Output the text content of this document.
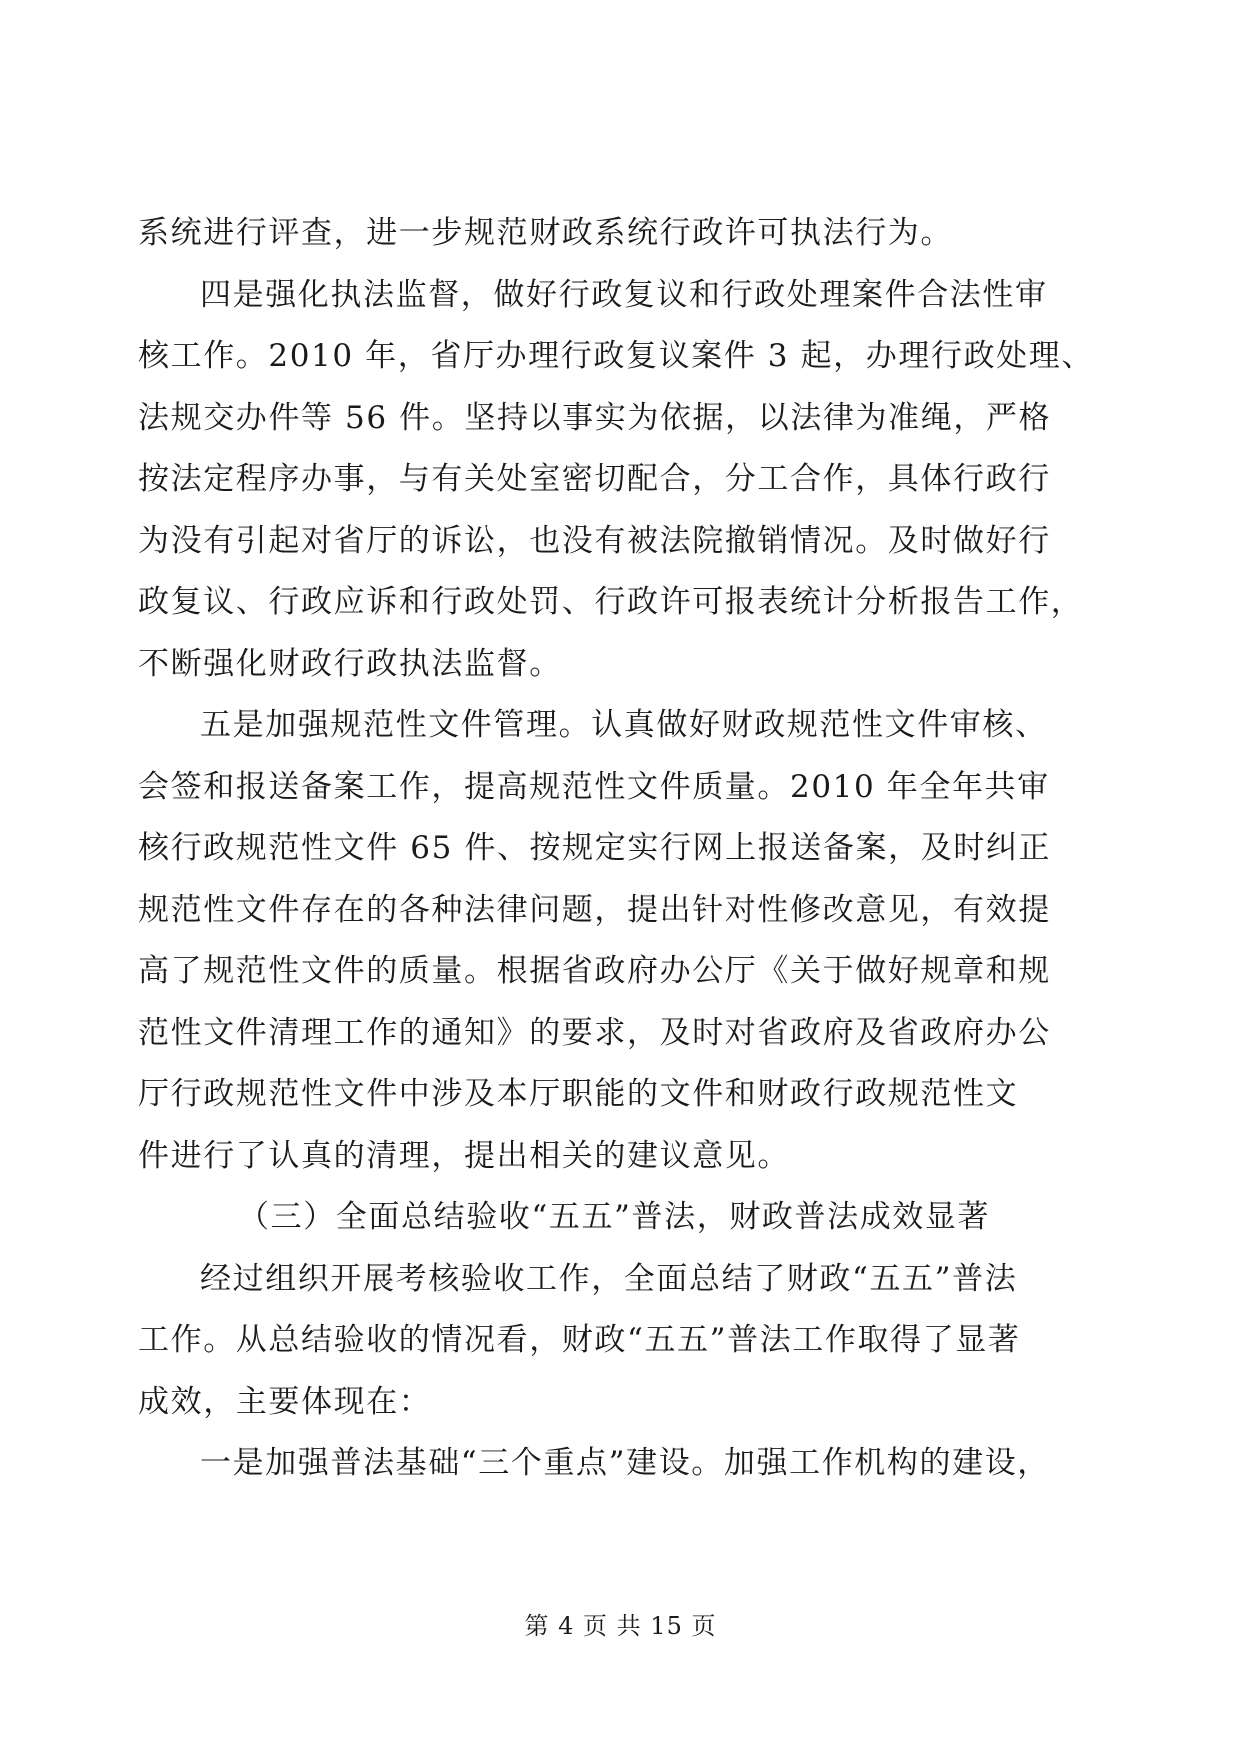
系统进行评查，进一步规范财政系统行政许可执法行为。
四是强化执法监督，做好行政复议和行政处理案件合法性审
核工作。2010 年，省厅办理行政复议案件 3 起，办理行政处理、
法规交办件等 56 件。坚持以事实为依据，以法律为准绳，严格
按法定程序办事，与有关处室密切配合，分工合作，具体行政行
为没有引起对省厅的诉讼，也没有被法院撤销情况。及时做好行
政复议、行政应诉和行政处罚、行政许可报表统计分析报告工作，
不断强化财政行政执法监督。
五是加强规范性文件管理。认真做好财政规范性文件审核、
会签和报送备案工作，提高规范性文件质量。2010 年全年共审
核行政规范性文件 65 件、按规定实行网上报送备案，及时纠正
规范性文件存在的各种法律问题，提出针对性修改意见，有效提
高了规范性文件的质量。根据省政府办公厅《关于做好规章和规
范性文件清理工作的通知》的要求，及时对省政府及省政府办公
厅行政规范性文件中涉及本厅职能的文件和财政行政规范性文
件进行了认真的清理，提出相关的建议意见。
（三）全面总结验收“五五”普法，财政普法成效显著
经过组织开展考核验收工作，全面总结了财政“五五”普法
工作。从总结验收的情况看，财政“五五”普法工作取得了显著
成效，主要体现在：
一是加强普法基础“三个重点”建设。加强工作机构的建设，
第 4 页 共 15 页
